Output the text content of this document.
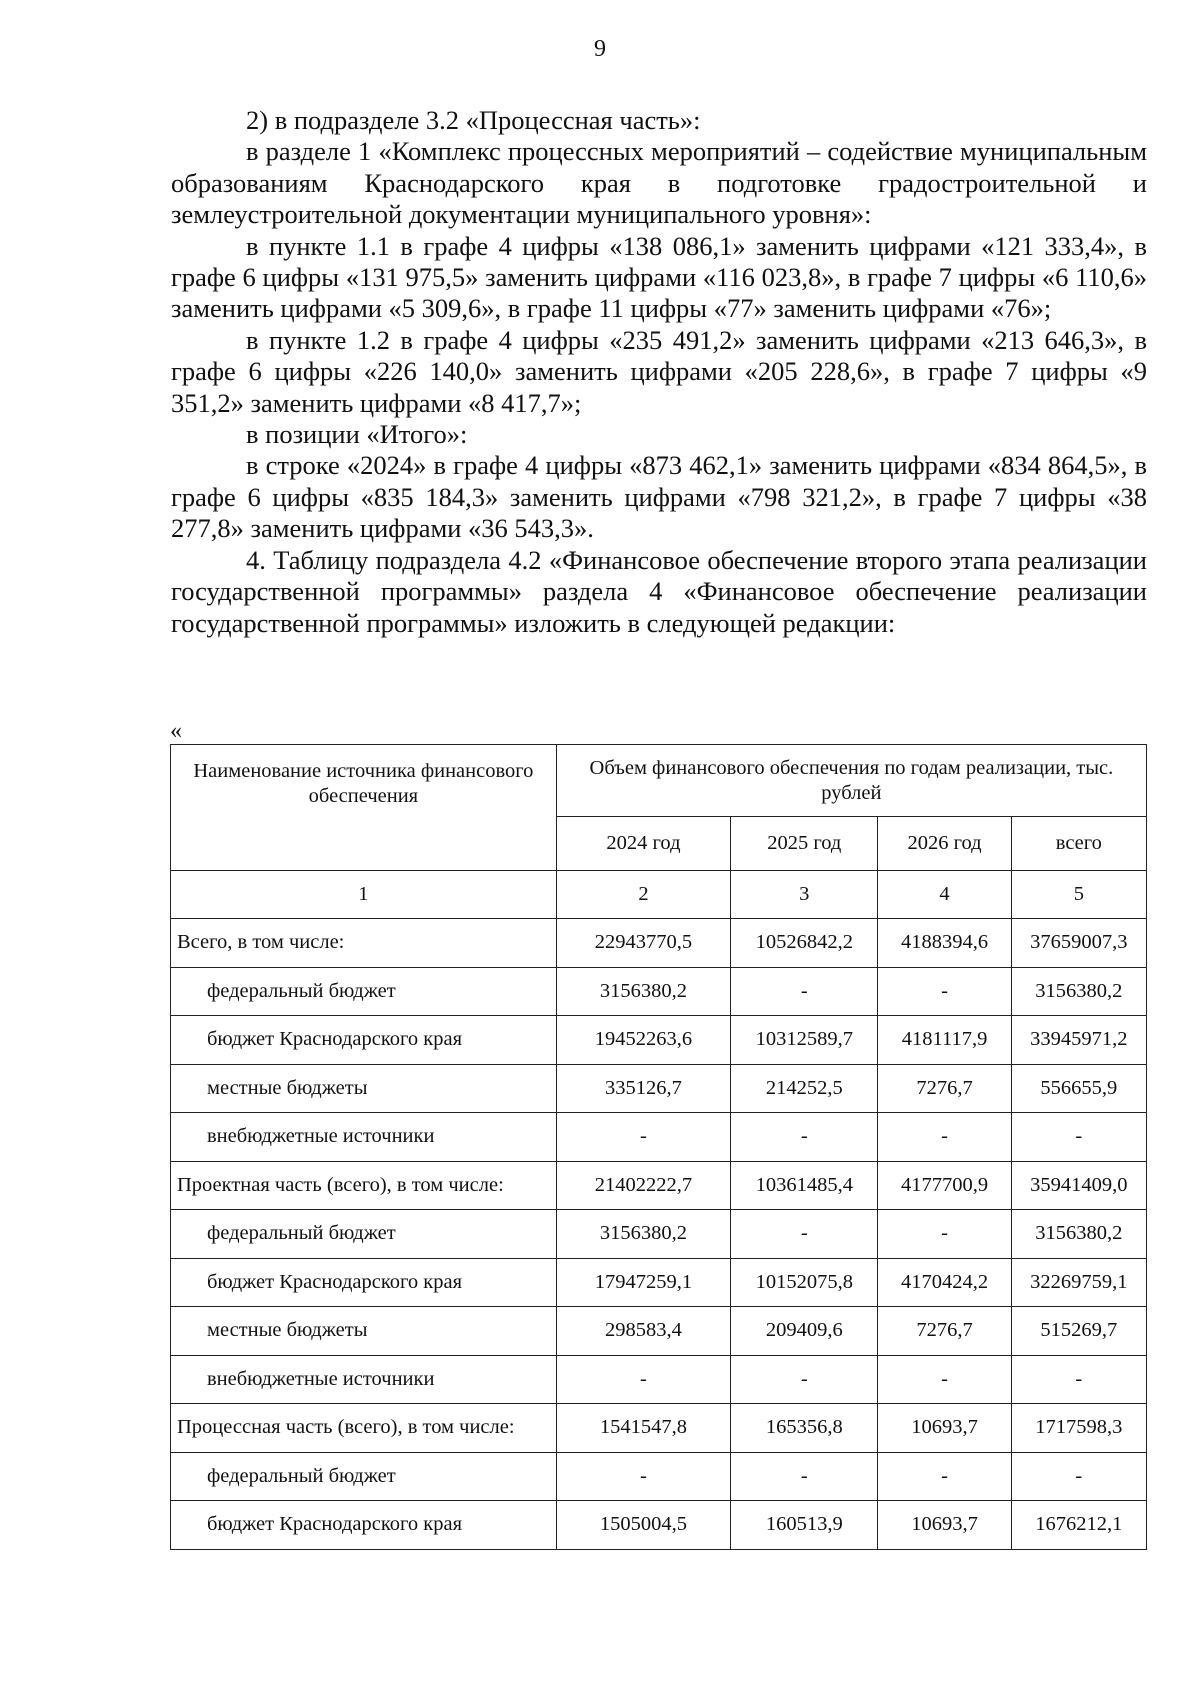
9

2) в подразделе 3.2 «Процессная часть»:

в разделе 1 «Комплекс процессных мероприятий – содействие муниципальным образованиям Краснодарского края в подготовке градостроительной и землеустроительной документации муниципального уровня»:

в пункте 1.1 в графе 4 цифры «138 086,1» заменить цифрами «121 333,4», в графе 6 цифры «131 975,5» заменить цифрами «116 023,8», в графе 7 цифры «6 110,6» заменить цифрами «5 309,6», в графе 11 цифры «77» заменить цифрами «76»;

в пункте 1.2 в графе 4 цифры «235 491,2» заменить цифрами «213 646,3», в графе 6 цифры «226 140,0» заменить цифрами «205 228,6», в графе 7 цифры «9 351,2» заменить цифрами «8 417,7»;

в позиции «Итого»:

в строке «2024» в графе 4 цифры «873 462,1» заменить цифрами «834 864,5», в графе 6 цифры «835 184,3» заменить цифрами «798 321,2», в графе 7 цифры «38 277,8» заменить цифрами «36 543,3».

4. Таблицу подраздела 4.2 «Финансовое обеспечение второго этапа реализации государственной программы» раздела 4 «Финансовое обеспечение реализации государственной программы» изложить в следующей редакции:

«
Наименование источника финансового обеспечения	Объем финансового обеспечения по годам реализации, тыс. рублей			
	2024 год	2025 год	2026 год	всего
1	2	3	4	5
Всего, в том числе:	22943770,5	10526842,2	4188394,6	37659007,3
федеральный бюджет	3156380,2	-	-	3156380,2
бюджет Краснодарского края	19452263,6	10312589,7	4181117,9	33945971,2
местные бюджеты	335126,7	214252,5	7276,7	556655,9
внебюджетные источники	-	-	-	-
Проектная часть (всего), в том числе:	21402222,7	10361485,4	4177700,9	35941409,0
федеральный бюджет	3156380,2	-	-	3156380,2
бюджет Краснодарского края	17947259,1	10152075,8	4170424,2	32269759,1
местные бюджеты	298583,4	209409,6	7276,7	515269,7
внебюджетные источники	-	-	-	-
Процессная часть (всего), в том числе:	1541547,8	165356,8	10693,7	1717598,3
федеральный бюджет	-	-	-	-
бюджет Краснодарского края	1505004,5	160513,9	10693,7	1676212,1
